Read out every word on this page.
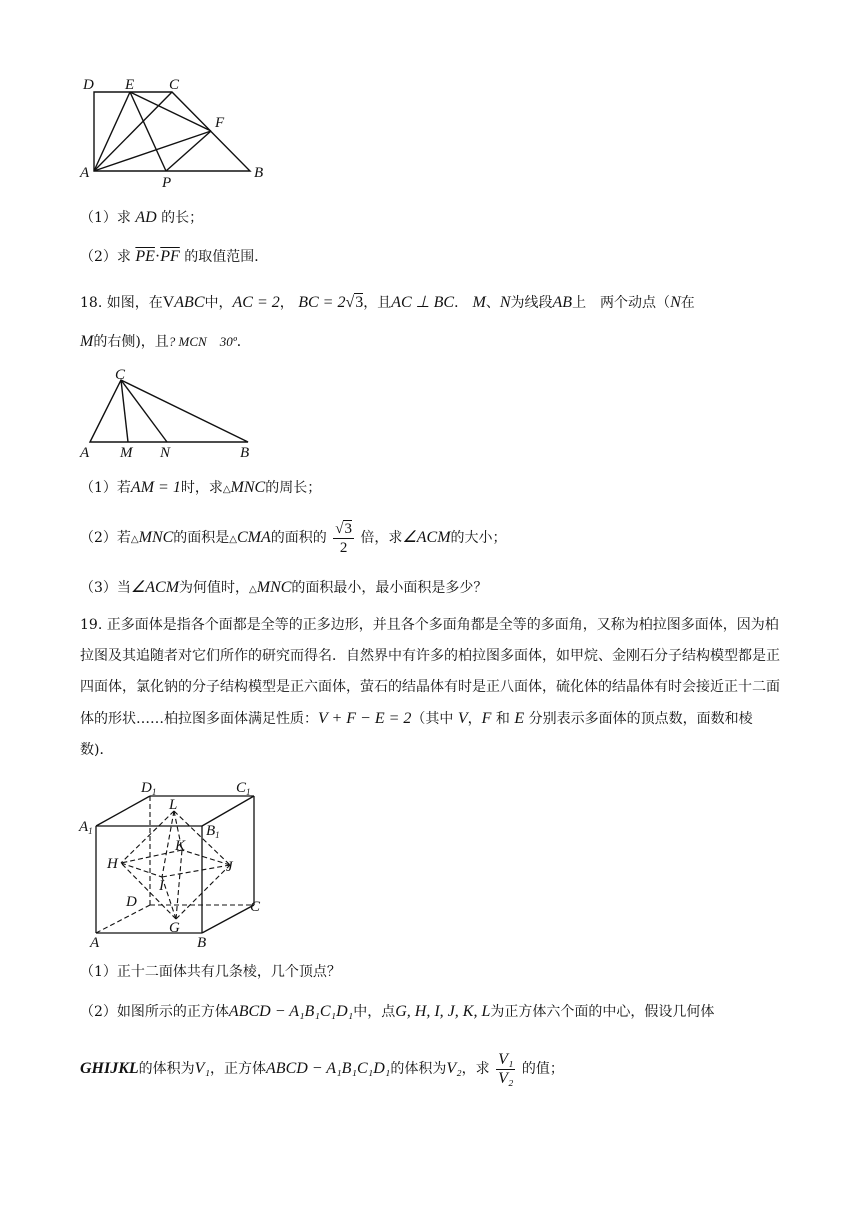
D E C
F
A
P
B
（1）求 AD 的长；
（2）求 $\overline{PE}\cdot\overline{PF}$ 的取值范围．
18. 如图，在VABC中，AC = 2， BC = 2√3，且AC ⊥ BC． M、N为线段AB上　两个动点（N在
M的右侧)，且? MCN　30º．
C
A M N	B
（1）若AM = 1时，求△MNC的周长；
（2）若△MNC的面积是△CMA的面积的 $\frac{√3}{2}$ 倍，求∠ACM的大小；
（3）当∠ACM为何值时，△MNC的面积最小，最小面积是多少？
19. 正多面体是指各个面都是全等的正多边形，并且各个多面角都是全等的多面角，又称为柏拉图多面体，因为柏拉图及其追随者对它们所作的研究而得名．自然界中有许多的柏拉图多面体，如甲烷、金刚石分子结构模型都是正四面体，氯化钠的分子结构模型是正六面体，萤石的结晶体有时是正八面体，硫化体的结晶体有时会接近正十二面体的形状……柏拉图多面体满足性质：V + F − E = 2（其中 V，F 和 E 分别表示多面体的顶点数，面数和棱数)．
$D_1$	$C_1$
L
$A_1$	$B_1$
K
H	J
I
D	C
A
G
B
（1）正十二面体共有几条棱，几个顶点？
（2）如图所示的正方体ABCD − A₁B₁C₁D₁中，点G, H, I, J, K, L为正方体六个面的中心，假设几何体
GHIJKL的体积为V₁，正方体ABCD − A₁B₁C₁D₁的体积为V₂，求 $\frac{\text{V₁}}{\text{V₂}}$ 的值；
